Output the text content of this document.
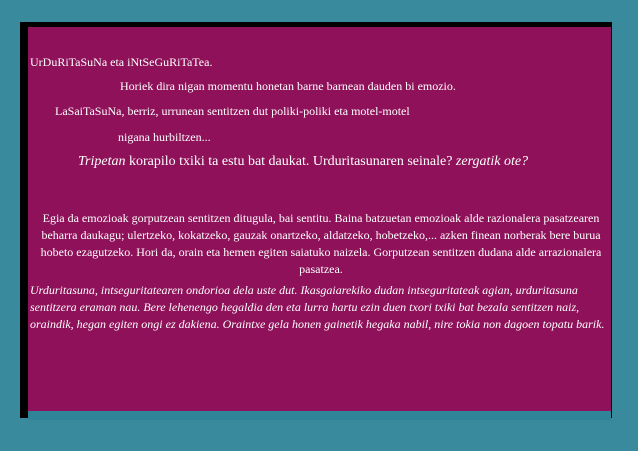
UrDuRiTaSuNa eta iNtSeGuRiTaTea.

Horiek dira nigan momentu honetan barne barnean dauden bi emozio.

LaSaiTaSuNa, berriz, urrunean sentitzen dut poliki-poliki eta motel-motel

nigana hurbiltzen...

Tripetan korapilo txiki ta estu bat daukat. Urduritasunaren seinale? zergatik ote?

Egia da emozioak gorputzean sentitzen ditugula, bai sentitu. Baina batzuetan emozioak alde razionalera pasatzearen beharra daukagu; ulertzeko, kokatzeko, gauzak onartzeko, aldatzeko, hobetzeko,... azken finean norberak bere burua hobeto ezagutzeko. Hori da, orain eta hemen egiten saiatuko naizela. Gorputzean sentitzen dudana alde arrazionalera pasatzea.

Urduritasuna, intseguritatearen ondorioa dela uste dut. Ikasgaiarekiko dudan intseguritateak agian, urduritasuna sentitzera eraman nau. Bere lehenengo hegaldia den eta lurra hartu ezin duen txori txiki bat bezala sentitzen naiz, oraindik, hegan egiten ongi ez dakiena. Oraintxe gela honen gainetik hegaka nabil, nire tokia non dagoen topatu barik.
